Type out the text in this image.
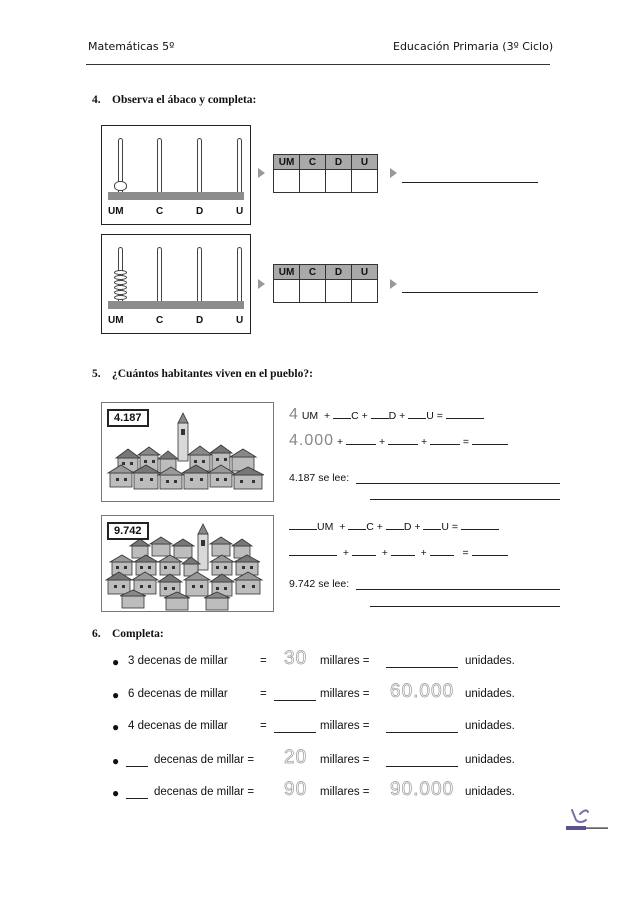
Matemáticas 5º	Educación Primaria (3º Ciclo)
4. Observa el ábaco y completa:
UM	C	D	U
UM	C	D	U

UM	C	D	U
UM	C	D	U

5. ¿Cuántos habitantes viven en el pueblo?:
4.187	4 UM + C + D + U =
4.000 +	+	+	=
4.187 se lee:
9.742	UM + C + D + U =
+	+	+	=
9.742 se lee:
6. Completa:
● 3 decenas de millar	= 30 millares =	unidades.
● 6 decenas de millar	=	millares = 60.000 unidades.
● 4 decenas de millar	=	millares =	unidades.
●	decenas de millar = 20 millares =	unidades.
●	decenas de millar = 90 millares = 90.000 unidades.
